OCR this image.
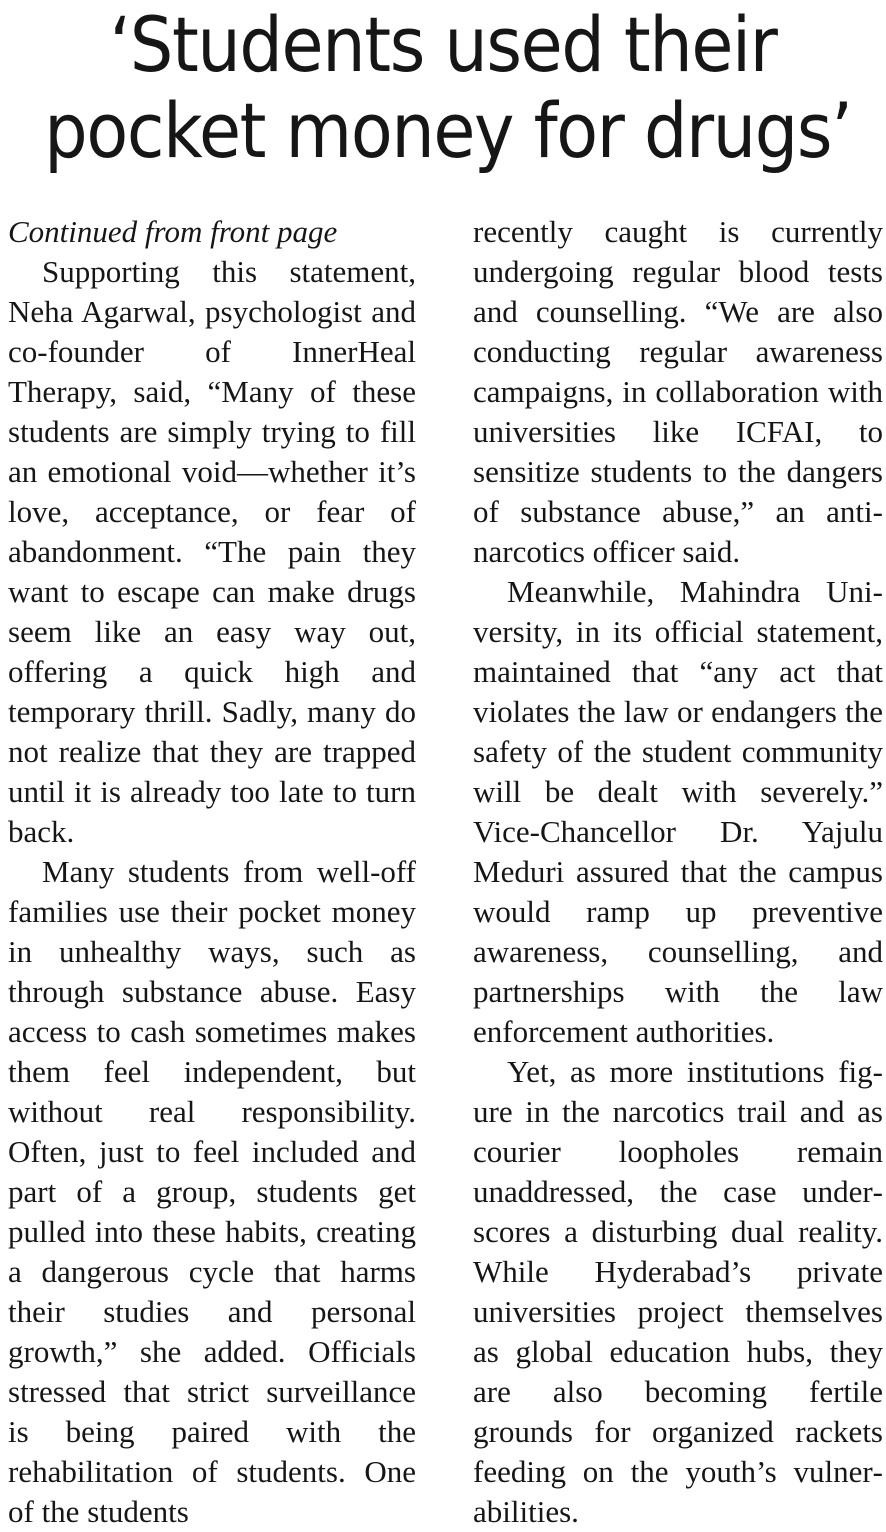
‘Students used their
pocket money for drugs’
Continued from front page

Supporting this statement, Neha Agarwal, psychologist and co-founder of InnerHeal Therapy, said, “Many of these students are simply trying to fill an emotional void—whether it’s love, acceptance, or fear of abandonment. “The pain they want to escape can make drugs seem like an easy way out, offering a quick high and temporary thrill. Sadly, many do not realize that they are trapped until it is already too late to turn back.

Many students from well-off families use their pocket money in unhealthy ways, such as through substance abuse. Easy access to cash sometimes makes them feel independent, but without real responsibility. Often, just to feel included and part of a group, students get pulled into these habits, creating a dangerous cycle that harms their studies and personal growth,” she added. Officials stressed that strict surveillance is being paired with the rehabilitation of students. One of the students

recently caught is currently undergoing regular blood tests and counselling. “We are also conducting regular awareness campaigns, in collaboration with universities like ICFAI, to sensitize students to the dangers of substance abuse,” an anti-narcotics officer said.

Meanwhile, Mahindra University, in its official statement, maintained that “any act that violates the law or endangers the safety of the student community will be dealt with severely.” Vice-Chancellor Dr. Yajulu Meduri assured that the campus would ramp up preventive awareness, counselling, and partnerships with the law enforcement authorities.

Yet, as more institutions figure in the narcotics trail and as courier loopholes remain unaddressed, the case underscores a disturbing dual reality. While Hyderabad’s private universities project themselves as global education hubs, they are also becoming fertile grounds for organized rackets feeding on the youth’s vulnerabilities.
